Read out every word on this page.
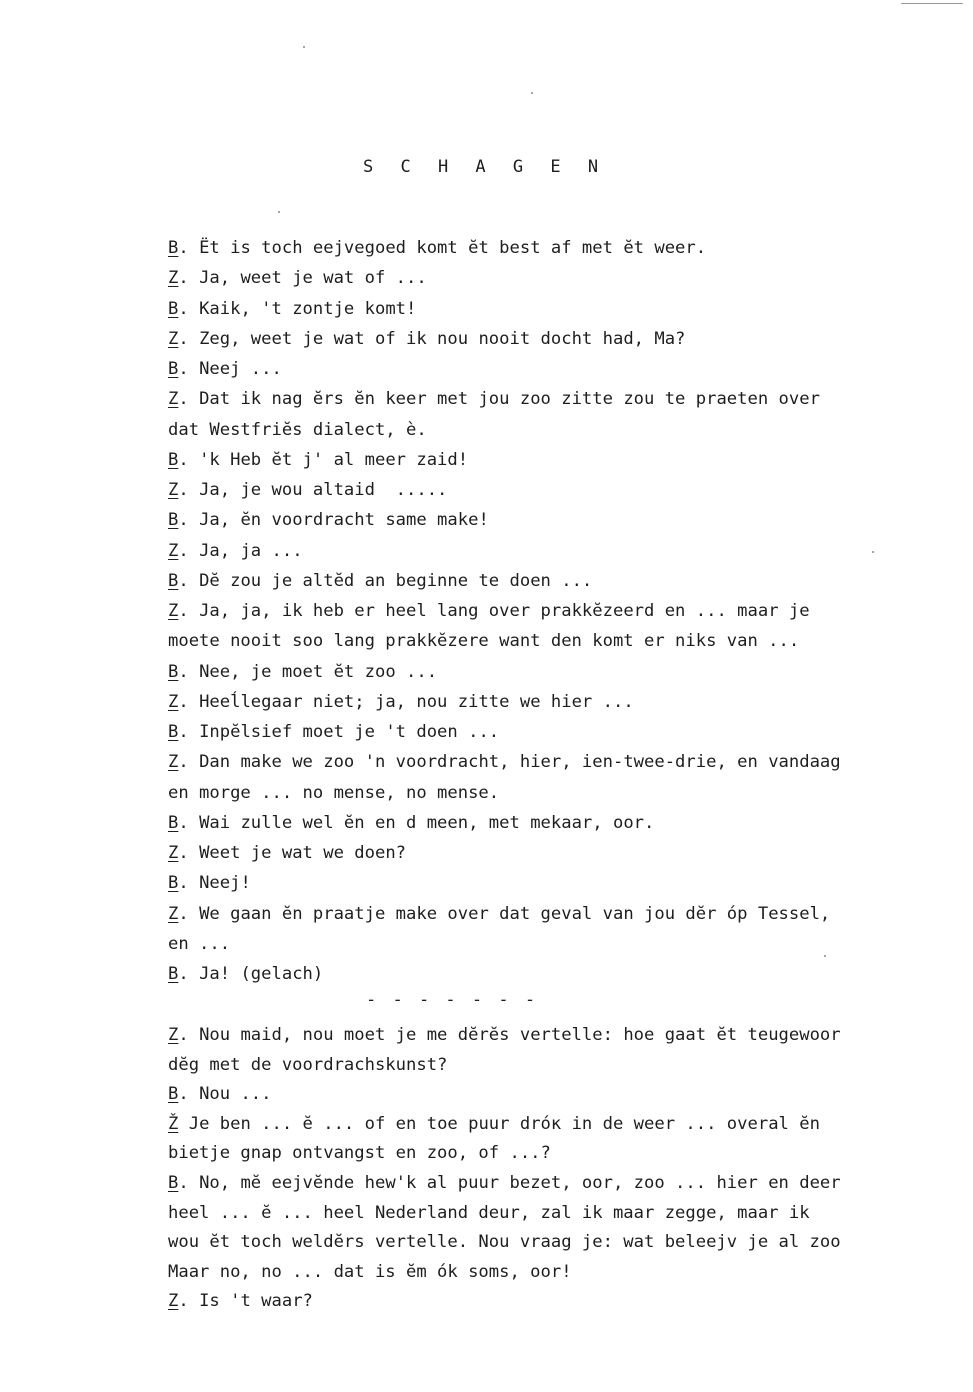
S C H A G E N
B. Ët is toch eejvegoed komt ĕt best af met ĕt weer.
Z. Ja, weet je wat of ...
B. Kaik, 't zontje komt!
Z. Zeg, weet je wat of ik nou nooit docht had, Ma?
B. Neej ...
Z. Dat ik nag ĕrs ĕn keer met jou zoo zitte zou te praeten over
dat Westfriĕs dialect, è.
B. 'k Heb ĕt j' al meer zaid!
Z. Ja, je wou altaid  .....
B. Ja, ĕn voordracht same make!
Z. Ja, ja ...
B. Dĕ zou je altĕd an beginne te doen ...
Z. Ja, ja, ik heb er heel lang over prakkĕzeerd en ... maar je
moete nooit soo lang prakkĕzere want den komt er niks van ...
B. Nee, je moet ĕt zoo ...
Z. Heeĺlegaar niet; ja, nou zitte we hier ...
B. Inpĕlsief moet je 't doen ...
Z. Dan make we zoo 'n voordracht, hier, ien-twee-drie, en vandaag
en morge ... no mense, no mense.
B. Wai zulle wel ĕn en d meen, met mekaar, oor.
Z. Weet je wat we doen?
B. Neej!
Z. We gaan ĕn praatje make over dat geval van jou dĕr óp Tessel,
en ...
B. Ja! (gelach)
- - - - - - -
Z. Nou maid, nou moet je me dĕrĕs vertelle: hoe gaat ĕt teugewoor
dĕg met de voordrachskunst?
B. Nou ...
Ž Je ben ... ĕ ... of en toe puur dróк in de weer ... overal ĕn
bietje gnap ontvangst en zoo, of ...?
B. No, mĕ eejvĕnde hew'k al puur bezet, oor, zoo ... hier en deer
heel ... ĕ ... heel Nederland deur, zal ik maar zegge, maar ik
wou ĕt toch weldĕrs vertelle. Nou vraag je: wat beleejv je al zoo
Maar no, no ... dat is ĕm ók soms, oor!
Z. Is 't waar?
